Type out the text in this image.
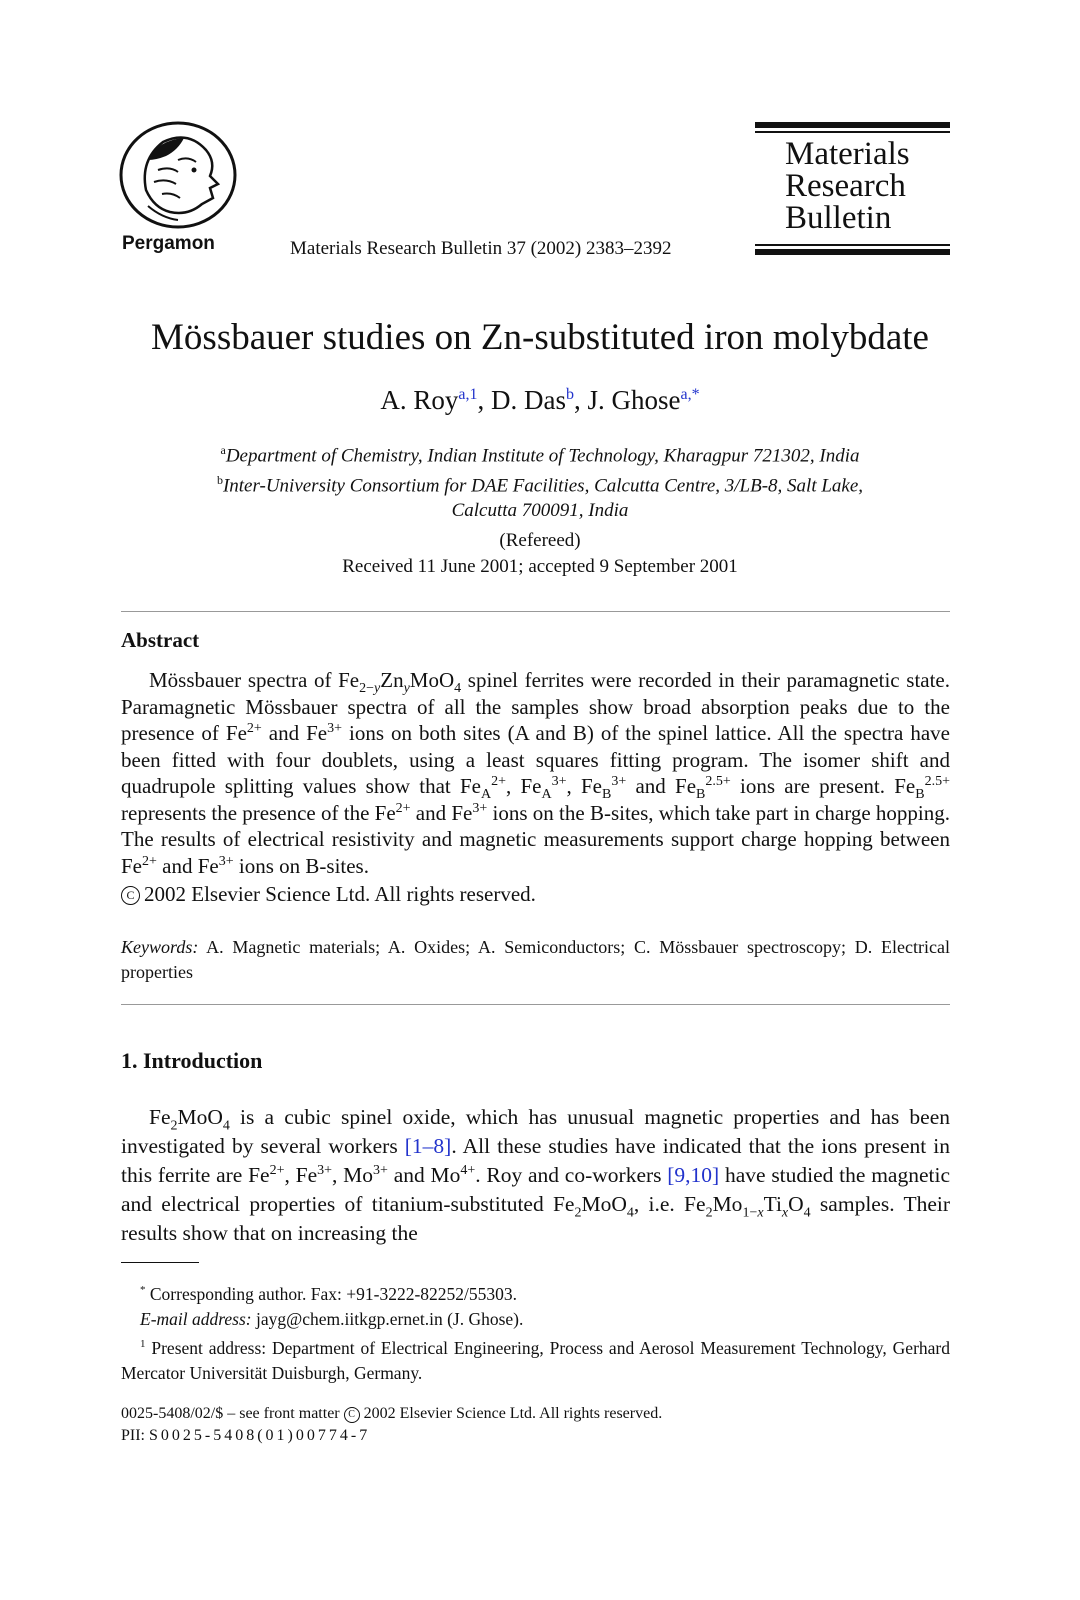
Pergamon	Materials Research Bulletin 37 (2002) 2383–2392
Materials
Research
Bulletin
Mössbauer studies on Zn-substituted iron molybdate
A. Roy$^{a,1}$, D. Das$^b$, J. Ghose$^{a,*}$
$^a$Department of Chemistry, Indian Institute of Technology, Kharagpur 721302, India
$^b$Inter-University Consortium for DAE Facilities, Calcutta Centre, 3/LB-8, Salt Lake,
Calcutta 700091, India
(Refereed)
Received 11 June 2001; accepted 9 September 2001
Abstract

Mössbauer spectra of $Fe_{2-y}Zn_yMoO_4$ spinel ferrites were recorded in their paramagnetic state. Paramagnetic Mössbauer spectra of all the samples show broad absorption peaks due to the presence of $Fe^{2+}$ and $Fe^{3+}$ ions on both sites (A and B) of the spinel lattice. All the spectra have been fitted with four doublets, using a least squares fitting program. The isomer shift and quadrupole splitting values show that $Fe_A^{2+}$, $Fe_A^{3+}$, $Fe_B^{3+}$ and $Fe_B^{2.5+}$ ions are present. $Fe_B^{2.5+}$ represents the presence of the $Fe^{2+}$ and $Fe^{3+}$ ions on the B-sites, which take part in charge hopping. The results of electrical resistivity and magnetic measurements support charge hopping between $Fe^{2+}$ and $Fe^{3+}$ ions on B-sites.

C 2002 Elsevier Science Ltd. All rights reserved.
Keywords: A. Magnetic materials; A. Oxides; A. Semiconductors; C. Mössbauer spectroscopy; D. Electrical properties
1. Introduction

$Fe_2MoO_4$ is a cubic spinel oxide, which has unusual magnetic properties and has been investigated by several workers [1–8]. All these studies have indicated that the ions present in this ferrite are $Fe^{2+}$, $Fe^{3+}$, $Mo^{3+}$ and $Mo^{4+}$. Roy and co-workers [9,10] have studied the magnetic and electrical properties of titanium-substituted $Fe_2MoO_4$, i.e. $Fe_2Mo_{1-x}Ti_xO_4$ samples. Their results show that on increasing the

* Corresponding author. Fax: +91-3222-82252/55303.
E-mail address: jayg@chem.iitkgp.ernet.in (J. Ghose).
$^1$ Present address: Department of Electrical Engineering, Process and Aerosol Measurement Technology, Gerhard Mercator Universität Duisburgh, Germany.
0025-5408/02/$ – see front matter C 2002 Elsevier Science Ltd. All rights reserved.
PII: S0025-5408(01)00774-7
